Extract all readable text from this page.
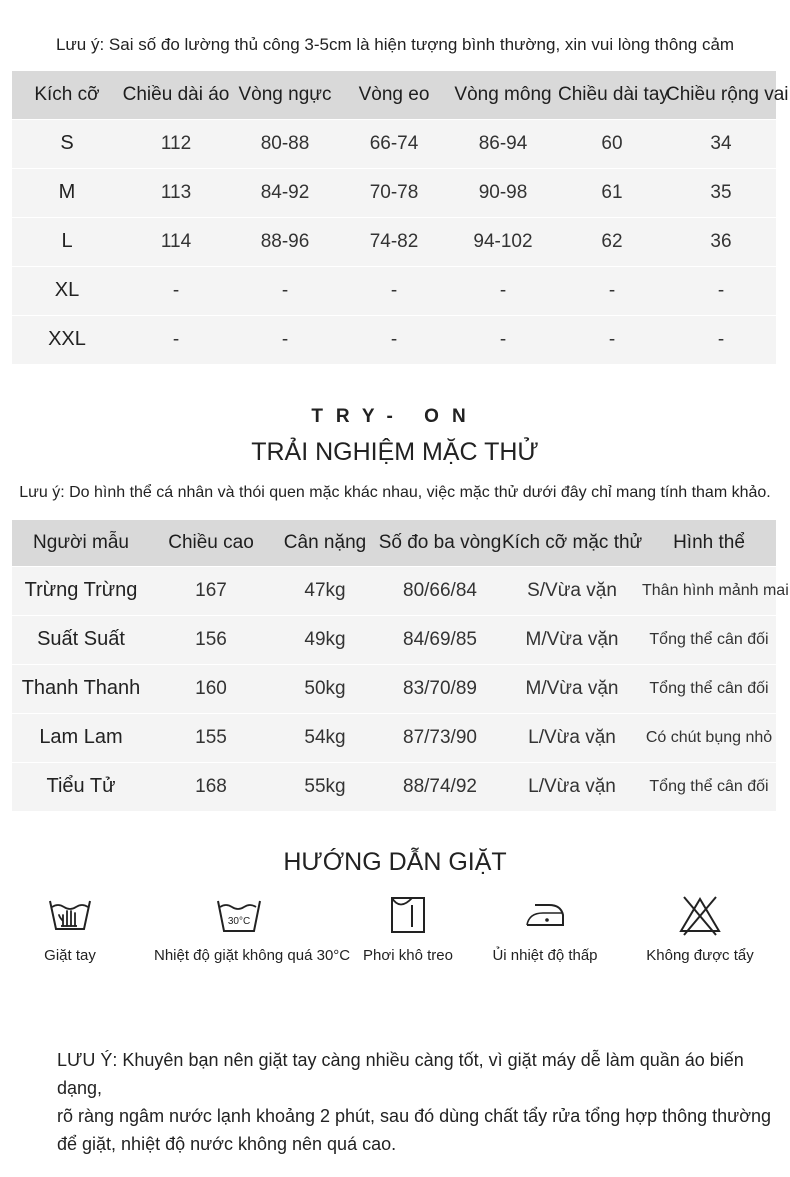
Lưu ý: Sai số đo lường thủ công 3-5cm là hiện tượng bình thường, xin vui lòng thông cảm
Kích cỡ	Chiều dài áo	Vòng ngực	Vòng eo	Vòng mông	Chiều dài tay	Chiều rộng vai
S	112	80-88	66-74	86-94	60	34
M	113	84-92	70-78	90-98	61	35
L	114	88-96	74-82	94-102	62	36
XL	-	-	-	-	-	-
XXL	-	-	-	-	-	-
TRY- ON
TRẢI NGHIỆM MẶC THỬ
Lưu ý: Do hình thể cá nhân và thói quen mặc khác nhau, việc mặc thử dưới đây chỉ mang tính tham khảo.
Người mẫu	Chiều cao	Cân nặng	Số đo ba vòng	Kích cỡ mặc thử	Hình thể
Trừng Trừng	167	47kg	80/66/84	S/Vừa vặn	Thân hình mảnh mai
Suất Suất	156	49kg	84/69/85	M/Vừa vặn	Tổng thể cân đối
Thanh Thanh	160	50kg	83/70/89	M/Vừa vặn	Tổng thể cân đối
Lam Lam	155	54kg	87/73/90	L/Vừa vặn	Có chút bụng nhỏ
Tiểu Tử	168	55kg	88/74/92	L/Vừa vặn	Tổng thể cân đối
HƯỚNG DẪN GIẶT
Giặt tay
30°C
Nhiệt độ giặt không quá 30°C Phơi khô treo	Ủi nhiệt độ thấp	Không được tẩy
LƯU Ý: Khuyên bạn nên giặt tay càng nhiều càng tốt, vì giặt máy dễ làm quần áo biến dạng,
rõ ràng ngâm nước lạnh khoảng 2 phút, sau đó dùng chất tẩy rửa tổng hợp thông thường
để giặt, nhiệt độ nước không nên quá cao.
